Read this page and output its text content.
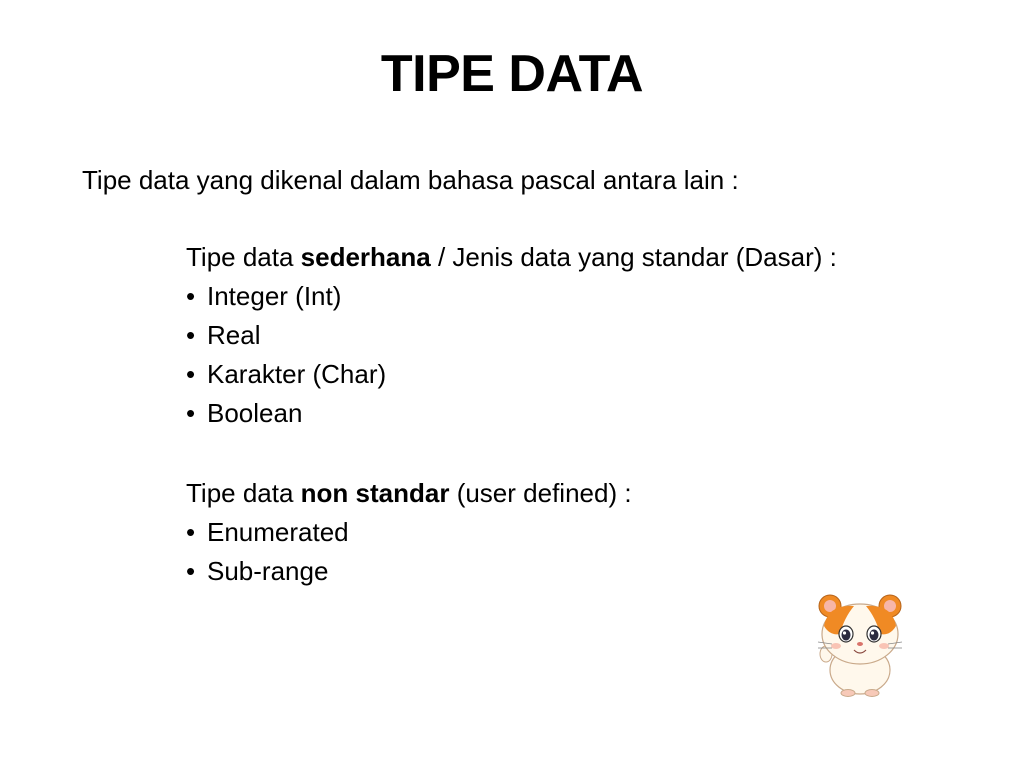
TIPE DATA
Tipe data yang dikenal dalam bahasa pascal antara lain :
Tipe data sederhana / Jenis data yang standar (Dasar) :
• Integer (Int)
• Real
• Karakter (Char)
• Boolean
Tipe data non standar (user defined) :
• Enumerated
• Sub-range
